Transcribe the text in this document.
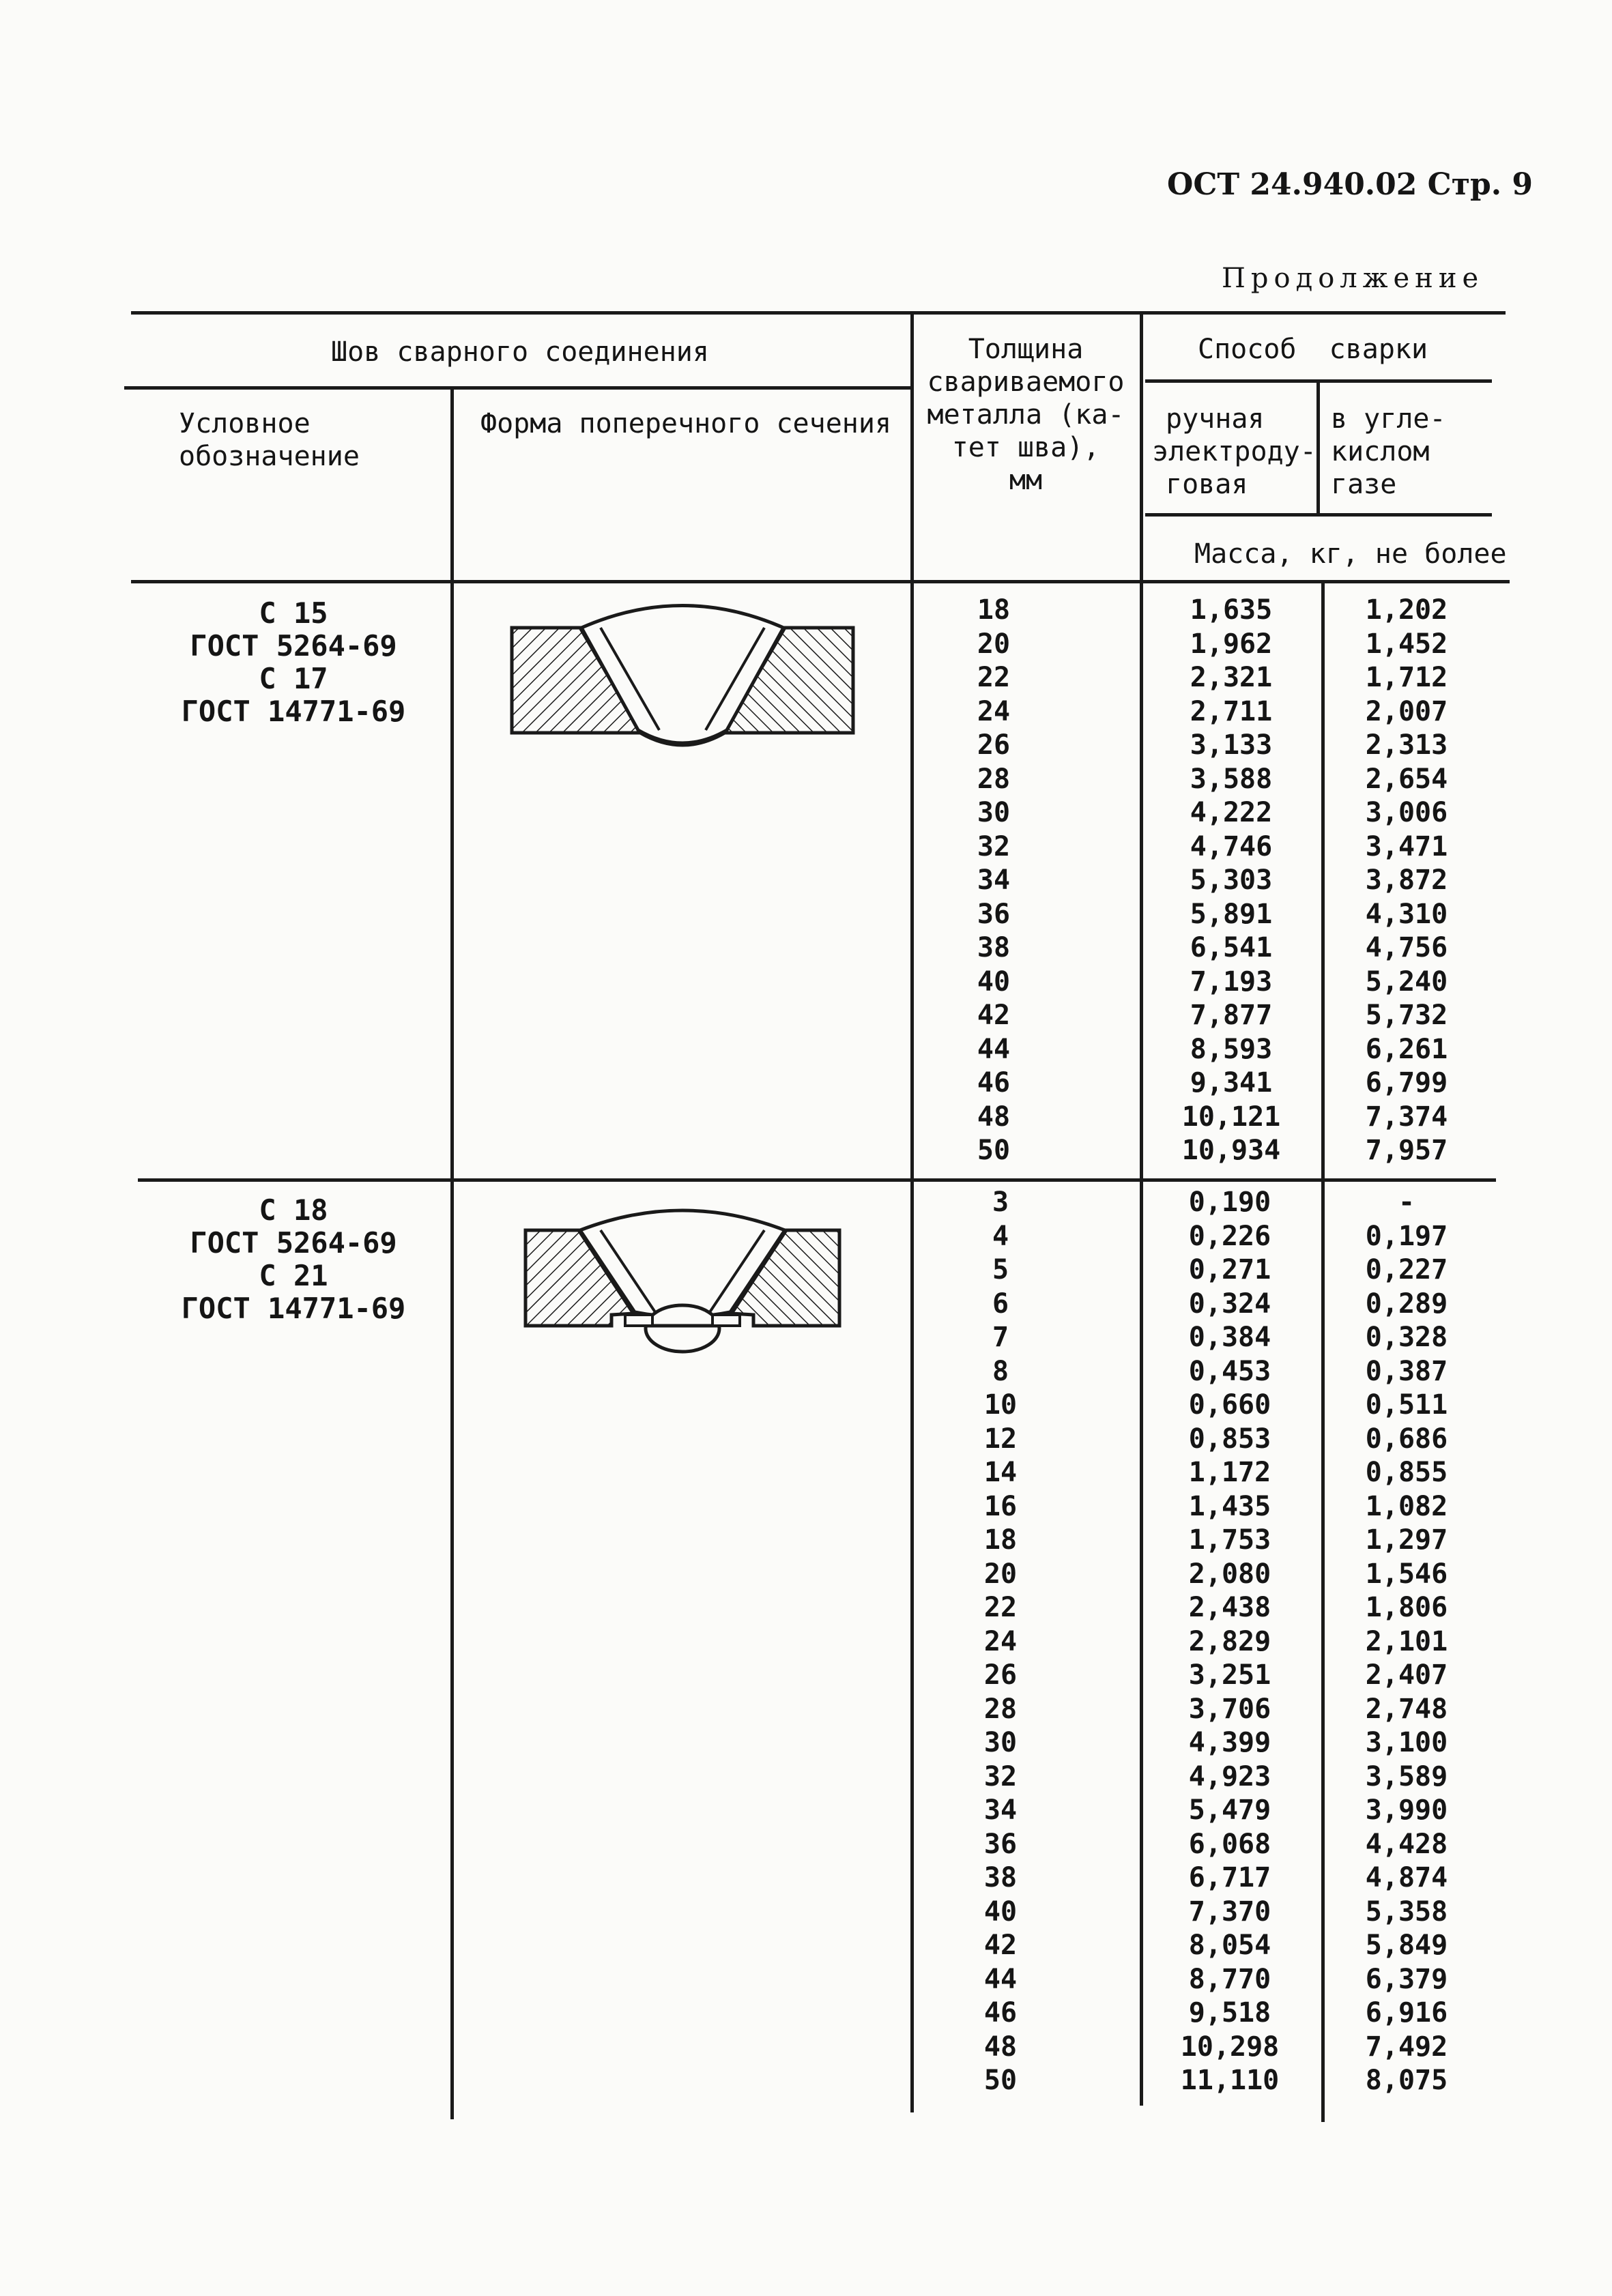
ОСТ 24.940.02 Стр. 9
Продолжение
Шов сварного соединения
Условное обозначение
Форма поперечного сечения
Толщина
свариваемого
металла (ка-
тет шва),
мм
Способ сварки
ручная
электроду-
говая
в угле-
кислом
газе
Масса, кг, не более
С 15
ГОСТ 5264-69
С 17
ГОСТ 14771-69
С 18
ГОСТ 5264-69
С 21
ГОСТ 14771-69
18
20
22
24
26
28
30
32
34
36
38
40
42
44
46
48
50
1,635
1,962
2,321
2,711
3,133
3,588
4,222
4,746
5,303
5,891
6,541
7,193
7,877
8,593
9,341
10,121
10,934
1,202
1,452
1,712
2,007
2,313
2,654
3,006
3,471
3,872
4,310
4,756
5,240
5,732
6,261
6,799
7,374
7,957
3
4
5
6
7
8
10
12
14
16
18
20
22
24
26
28
30
32
34
36
38
40
42
44
46
48
50
0,190
0,226
0,271
0,324
0,384
0,453
0,660
0,853
1,172
1,435
1,753
2,080
2,438
2,829
3,251
3,706
4,399
4,923
5,479
6,068
6,717
7,370
8,054
8,770
9,518
10,298
11,110
-
0,197
0,227
0,289
0,328
0,387
0,511
0,686
0,855
1,082
1,297
1,546
1,806
2,101
2,407
2,748
3,100
3,589
3,990
4,428
4,874
5,358
5,849
6,379
6,916
7,492
8,075
